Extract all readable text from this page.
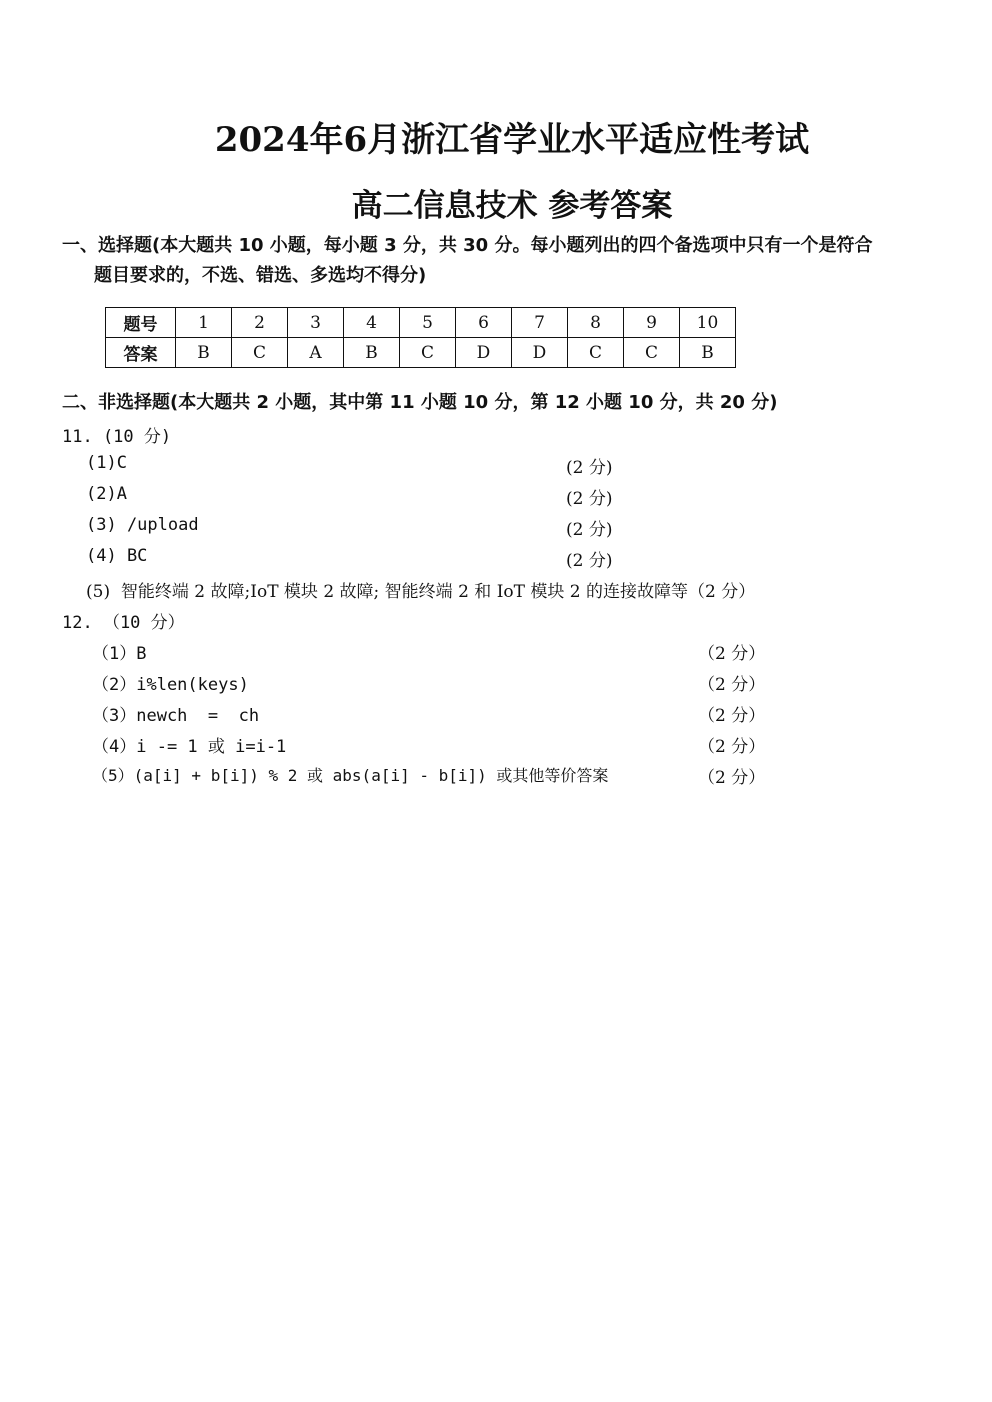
2024年6月浙江省学业水平适应性考试
高二信息技术 参考答案
一、选择题(本大题共 10 小题，每小题 3 分，共 30 分。每小题列出的四个备选项中只有一个是符合
题目要求的，不选、错选、多选均不得分)
题号	1	2	3	4	5	6	7	8	9	10
答案	B	C	A	B	C	D	D	C	C	B
二、非选择题(本大题共 2 小题，其中第 11 小题 10 分，第 12 小题 10 分，共 20 分)
11. (10 分)
(1)C	(2 分)
(2)A	(2 分)
(3) /upload	(2 分)
(4) BC	(2 分)
(5)  智能终端 2 故障;IoT 模块 2 故障; 智能终端 2 和 IoT 模块 2 的连接故障等（2 分）
12. （10 分）
（1）B	（2 分）
（2）i%len(keys)	（2 分）
（3）newch  =  ch	（2 分）
（4）i -= 1 或 i=i-1	（2 分）
（5）(a[i] + b[i]) % 2 或 abs(a[i] - b[i]) 或其他等价答案	（2 分）
